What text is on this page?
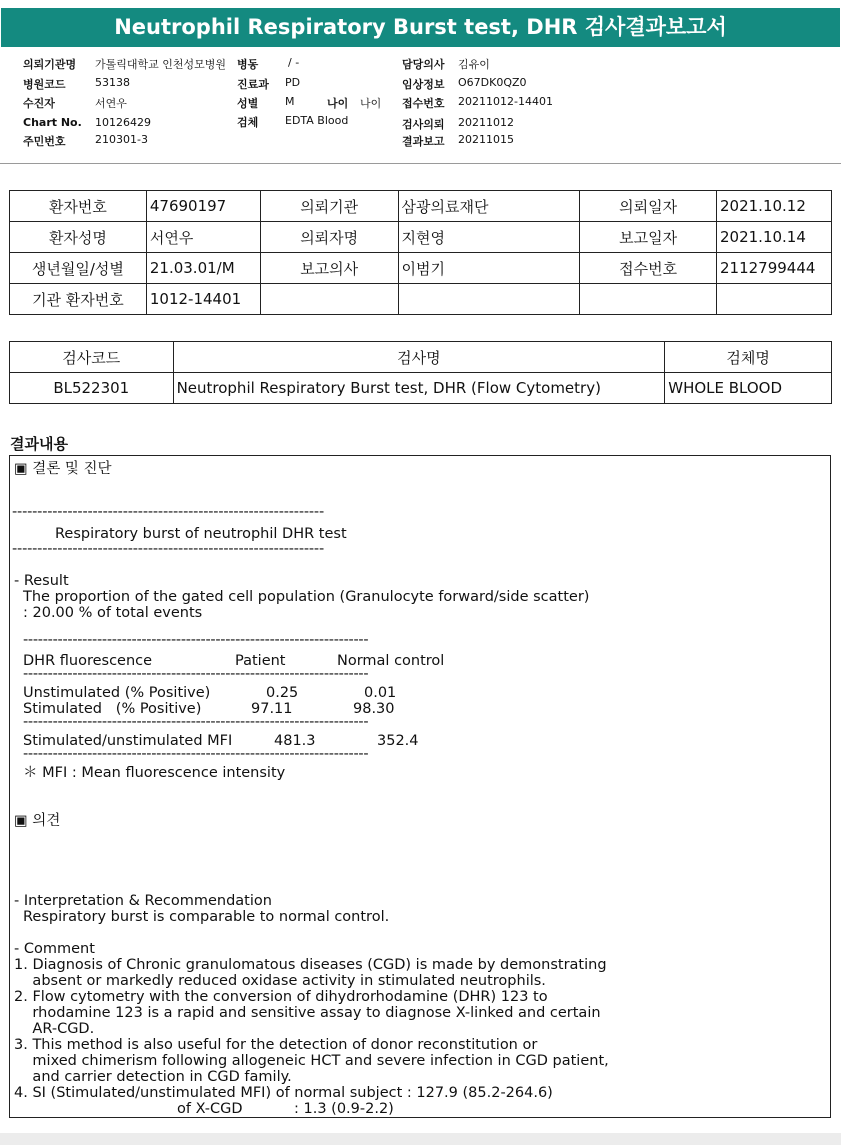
Neutrophil Respiratory Burst test, DHR 검사결과보고서
의뢰기관명 가톨릭대학교 인천성모병원
병원코드	53138
수진자	서연우
Chart No. 10126429
주민번호	210301-3
병동	/ -
진료과 PD
성별 M	나이 나이
검체 EDTA Blood
담당의사 김유이
임상정보 O67DK0QZ0
접수번호 20211012-14401
검사의뢰 20211012
결과보고 20211015
환자번호	47690197	의뢰기관	삼광의료재단	의뢰일자	2021.10.12
환자성명	서연우	의뢰자명	지현영	보고일자	2021.10.14
생년월일/성별	21.03.01/M	보고의사	이범기	접수번호	2112799444
기관 환자번호	1012-14401				
검사코드	검사명	검체명
BL522301	Neutrophil Respiratory Burst test, DHR (Flow Cytometry)	WHOLE BLOOD
결과내용
▣ 결론 및 진단
--------------------------------------------------------------
Respiratory burst of neutrophil DHR test
--------------------------------------------------------------
- Result
The proportion of the gated cell population (Granulocyte forward/side scatter)
: 20.00 % of total events
----------------------------------------------------------------------
DHR fluorescence	Patient	Normal control
----------------------------------------------------------------------
Unstimulated (% Positive)	0.25	0.01
Stimulated   (% Positive)	97.11	98.30
----------------------------------------------------------------------
Stimulated/unstimulated MFI	481.3	352.4
----------------------------------------------------------------------
＊ MFI : Mean fluorescence intensity
▣ 의견
- Interpretation & Recommendation
Respiratory burst is comparable to normal control.
- Comment
1. Diagnosis of Chronic granulomatous diseases (CGD) is made by demonstrating
absent or markedly reduced oxidase activity in stimulated neutrophils.
2. Flow cytometry with the conversion of dihydrorhodamine (DHR) 123 to
rhodamine 123 is a rapid and sensitive assay to diagnose X-linked and certain
AR-CGD.
3. This method is also useful for the detection of donor reconstitution or
mixed chimerism following allogeneic HCT and severe infection in CGD patient,
and carrier detection in CGD family.
4. SI (Stimulated/unstimulated MFI) of normal subject : 127.9 (85.2-264.6)
of X-CGD	: 1.3 (0.9-2.2)
